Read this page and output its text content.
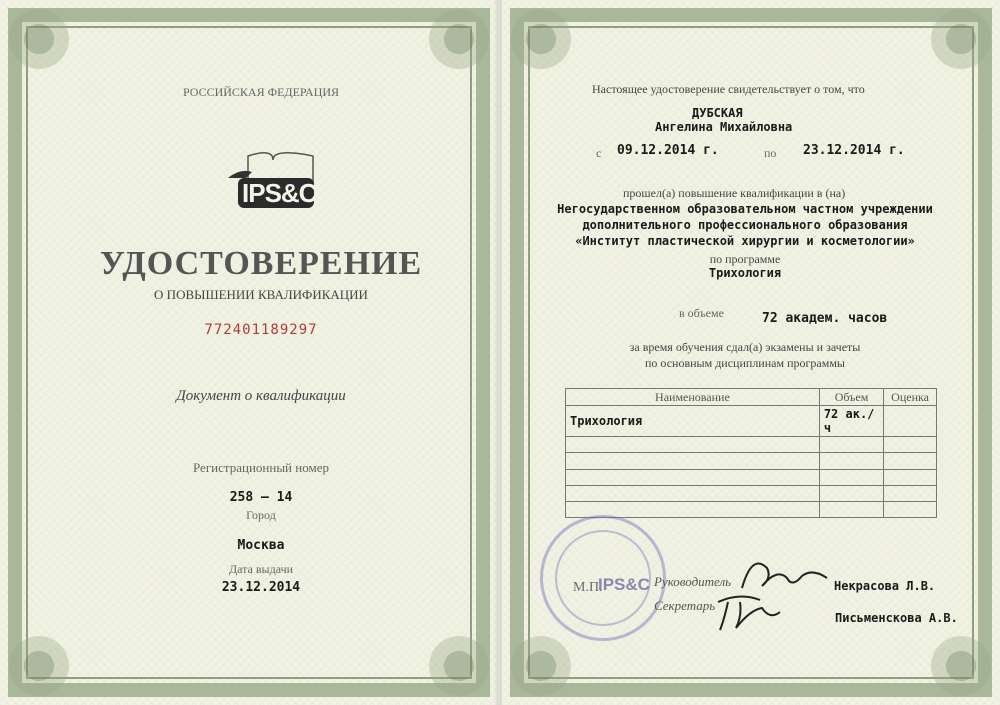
РОССИЙСКАЯ ФЕДЕРАЦИЯ
IPS&C
УДОСТОВЕРЕНИЕ
О ПОВЫШЕНИИ КВАЛИФИКАЦИИ
772401189297
Документ о квалификации
Регистрационный номер
258 – 14
Город
Москва
Дата выдачи
23.12.2014
Настоящее удостоверение свидетельствует о том, что
ДУБСКАЯ
Ангелина Михайловна
с 09.12.2014 г.	по 23.12.2014 г.
прошел(а) повышение квалификации в (на)
Негосударственном образовательном частном учреждении
дополнительного профессионального образования
«Институт пластической хирургии и косметологии»
по программе
Трихология
в объеме	72 академ. часов
за время обучения сдал(а) экзамены и зачеты
по основным дисциплинам программы
Наименование	Объем	Оценка
Трихология	72 ак./ч	

М.П.
IPS&C Руководитель	Некрасова Л.В.
Секретарь
Письменскова А.В.
